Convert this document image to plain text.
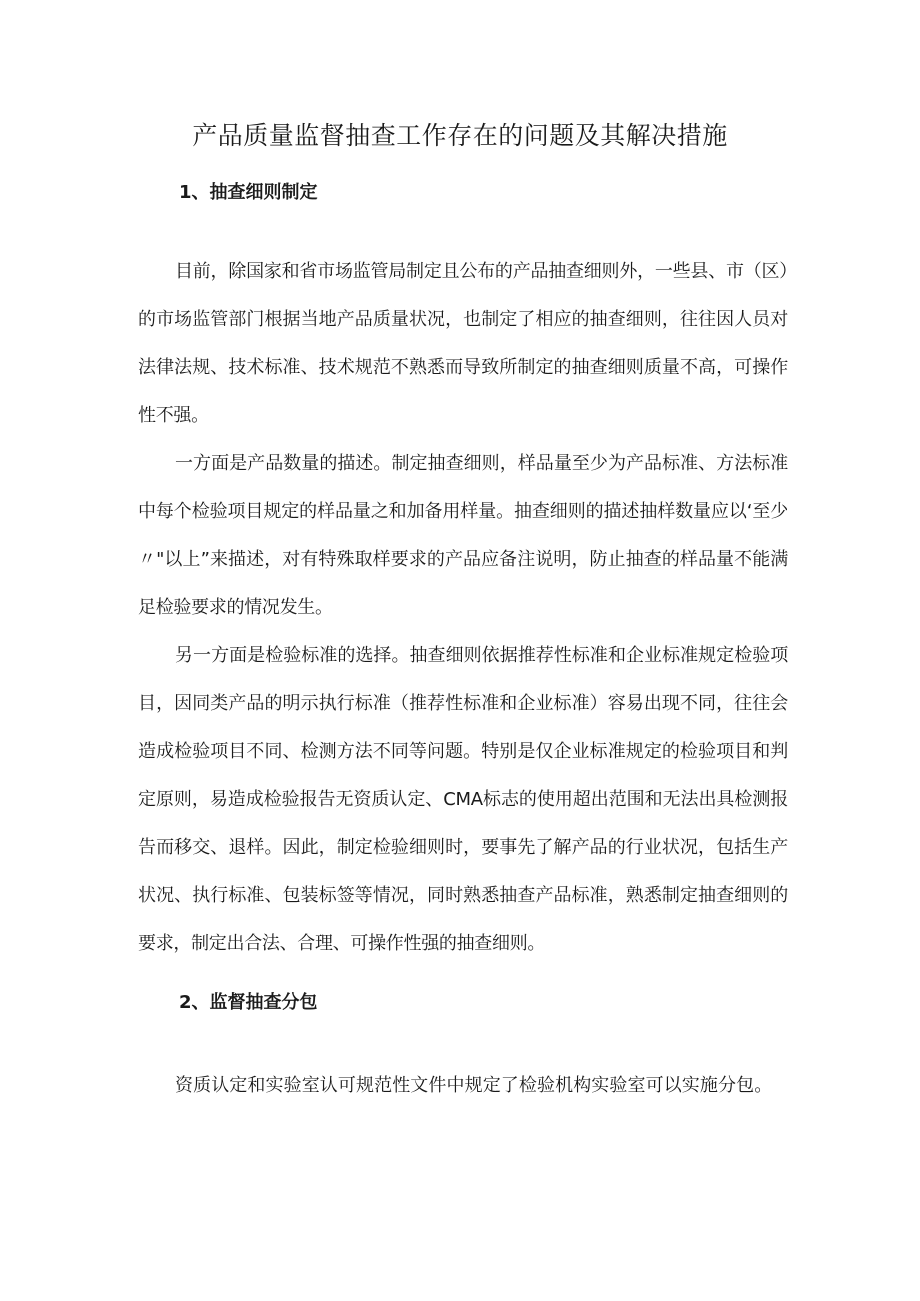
产品质量监督抽查工作存在的问题及其解决措施
1、抽查细则制定
目前，除国家和省市场监管局制定且公布的产品抽查细则外，一些县、市（区）的市场监管部门根据当地产品质量状况，也制定了相应的抽查细则，往往因人员对法律法规、技术标准、技术规范不熟悉而导致所制定的抽查细则质量不高，可操作性不强。
一方面是产品数量的描述。制定抽查细则，样品量至少为产品标准、方法标准中每个检验项目规定的样品量之和加备用样量。抽查细则的描述抽样数量应以‘至少〃"以上”来描述，对有特殊取样要求的产品应备注说明，防止抽查的样品量不能满足检验要求的情况发生。
另一方面是检验标准的选择。抽查细则依据推荐性标准和企业标准规定检验项目，因同类产品的明示执行标准（推荐性标准和企业标准）容易出现不同，往往会造成检验项目不同、检测方法不同等问题。特别是仅企业标准规定的检验项目和判定原则，易造成检验报告无资质认定、CMA标志的使用超出范围和无法出具检测报告而移交、退样。因此，制定检验细则时，要事先了解产品的行业状况，包括生产状况、执行标准、包装标签等情况，同时熟悉抽查产品标准，熟悉制定抽查细则的要求，制定出合法、合理、可操作性强的抽查细则。
2、监督抽查分包
资质认定和实验室认可规范性文件中规定了检验机构实验室可以实施分包。
